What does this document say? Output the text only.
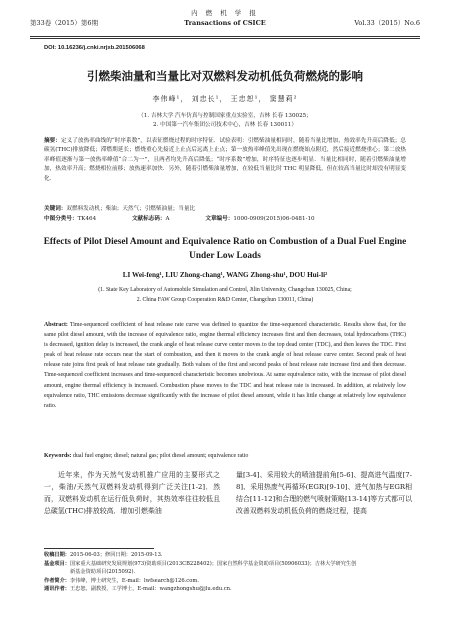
第33卷（2015）第6期
内 燃 机 学 报
Transactions of CSICE	Vol.33（2015）No.6
DOI: 10.16236/j.cnki.nrjxb.201506068
引燃柴油量和当量比对双燃料发动机低负荷燃烧的影响
李伟峰¹， 刘忠长¹， 王忠恕¹， 窦慧莉²
（1. 吉林大学 汽车仿真与控制国家重点实验室，吉林 长春 130025；
2. 中国第一汽车集团公司技术中心，吉林 长春 130011）
摘要：定义了放热率曲线的“时序系数”，以表征燃烧过程的时序特征．试验表明：引燃柴油量相同时，随着当量比增加，热效率先升高后降低；总碳氢(THC)排放降低；滞燃期延长；燃烧重心先接近上止点后远离上止点；第一放热率峰值先出现在燃烧始点附近，然后接近燃烧重心；第二放热率峰值逐渐与第一放热率峰值“合二为一”，且两者均先升高后降低；“时序系数”增加，时序特征也逐步明显．当量比相同时，随着引燃柴油量增加，热效率升高；燃烧相位前移；放热速率加快．另外，随着引燃柴油量增加，在较低当量比时 THC 明显降低，但在较高当量比时却没有明显变化．
关键词：双燃料发动机；柴油；天然气；引燃柴油量；当量比
中图分类号：TK464	文献标志码：A	文章编号：1000-0909(2015)06-0481-10
Effects of Pilot Diesel Amount and Equivalence Ratio on Combustion of a Dual Fuel Engine Under Low Loads
LI Wei-feng¹, LIU Zhong-chang¹, WANG Zhong-shu¹, DOU Hui-li²
(1. State Key Laboratory of Automobile Simulation and Control, Jilin University, Changchun 130025, China;
2. China FAW Group Cooperation R&D Center, Changchun 130011, China)
Abstract: Time-sequenced coefficient of heat release rate curve was defined to quantize the time-sequenced characteristic. Results show that, for the same pilot diesel amount, with the increase of equivalence ratio, engine thermal efficiency increases first and then decreases, total hydrocarbons (THC) is decreased, ignition delay is increased, the crank angle of heat release curve center moves to the top dead center (TDC), and then leaves the TDC. First peak of heat release rate occurs near the start of combustion, and then it moves to the crank angle of heat release curve center. Second peak of heat release rate joins first peak of heat release rate gradually. Both values of the first and second peaks of heat release rate increase first and then decrease. Time-sequenced coefficient increases and time-sequenced characteristic becomes unobvious. At same equivalence ratio, with the increase of pilot diesel amount, engine thermal efficiency is increased. Combustion phase moves to the TDC and heat release rate is increased. In addition, at relatively low equivalence ratio, THC emissions decrease significantly with the increase of pilot diesel amount, while it has little change at relatively low equivalence ratio.
Keywords: dual fuel engine; diesel; natural gas; pilot diesel amount; equivalence ratio
近年来，作为天然气发动机推广应用的主要形式之一，柴油/天然气双燃料发动机得到广泛关注[1-2]．然而，双燃料发动机在运行低负荷时，其热效率往往较低且总碳氢(THC)排放较高．增加引燃柴油
量[3-4]、采用较大的喷油提前角[5-6]、提高进气温度[7-8]、采用热废气再循环(EGR)[9-10]、进气加热与EGR相结合[11-12]和合理的燃气喷射策略[13-14]等方式都可以改善双燃料发动机低负荷的燃烧过程，提高
收稿日期：2015-06-03；修回日期：2015-09-13.
基金项目：国家重大基础研究发展规划(973)资助项目(2013CB228402)；国家自然科学基金资助项目(50906033)；吉林大学研究生创
新基金资助项目(2015092).
作者简介：李伟峰，博士研究生，E-mail：lwfsearch@126.com.
通讯作者：王忠恕，副教授，工学博士，E-mail：wangzhongshu@jlu.edu.cn.
